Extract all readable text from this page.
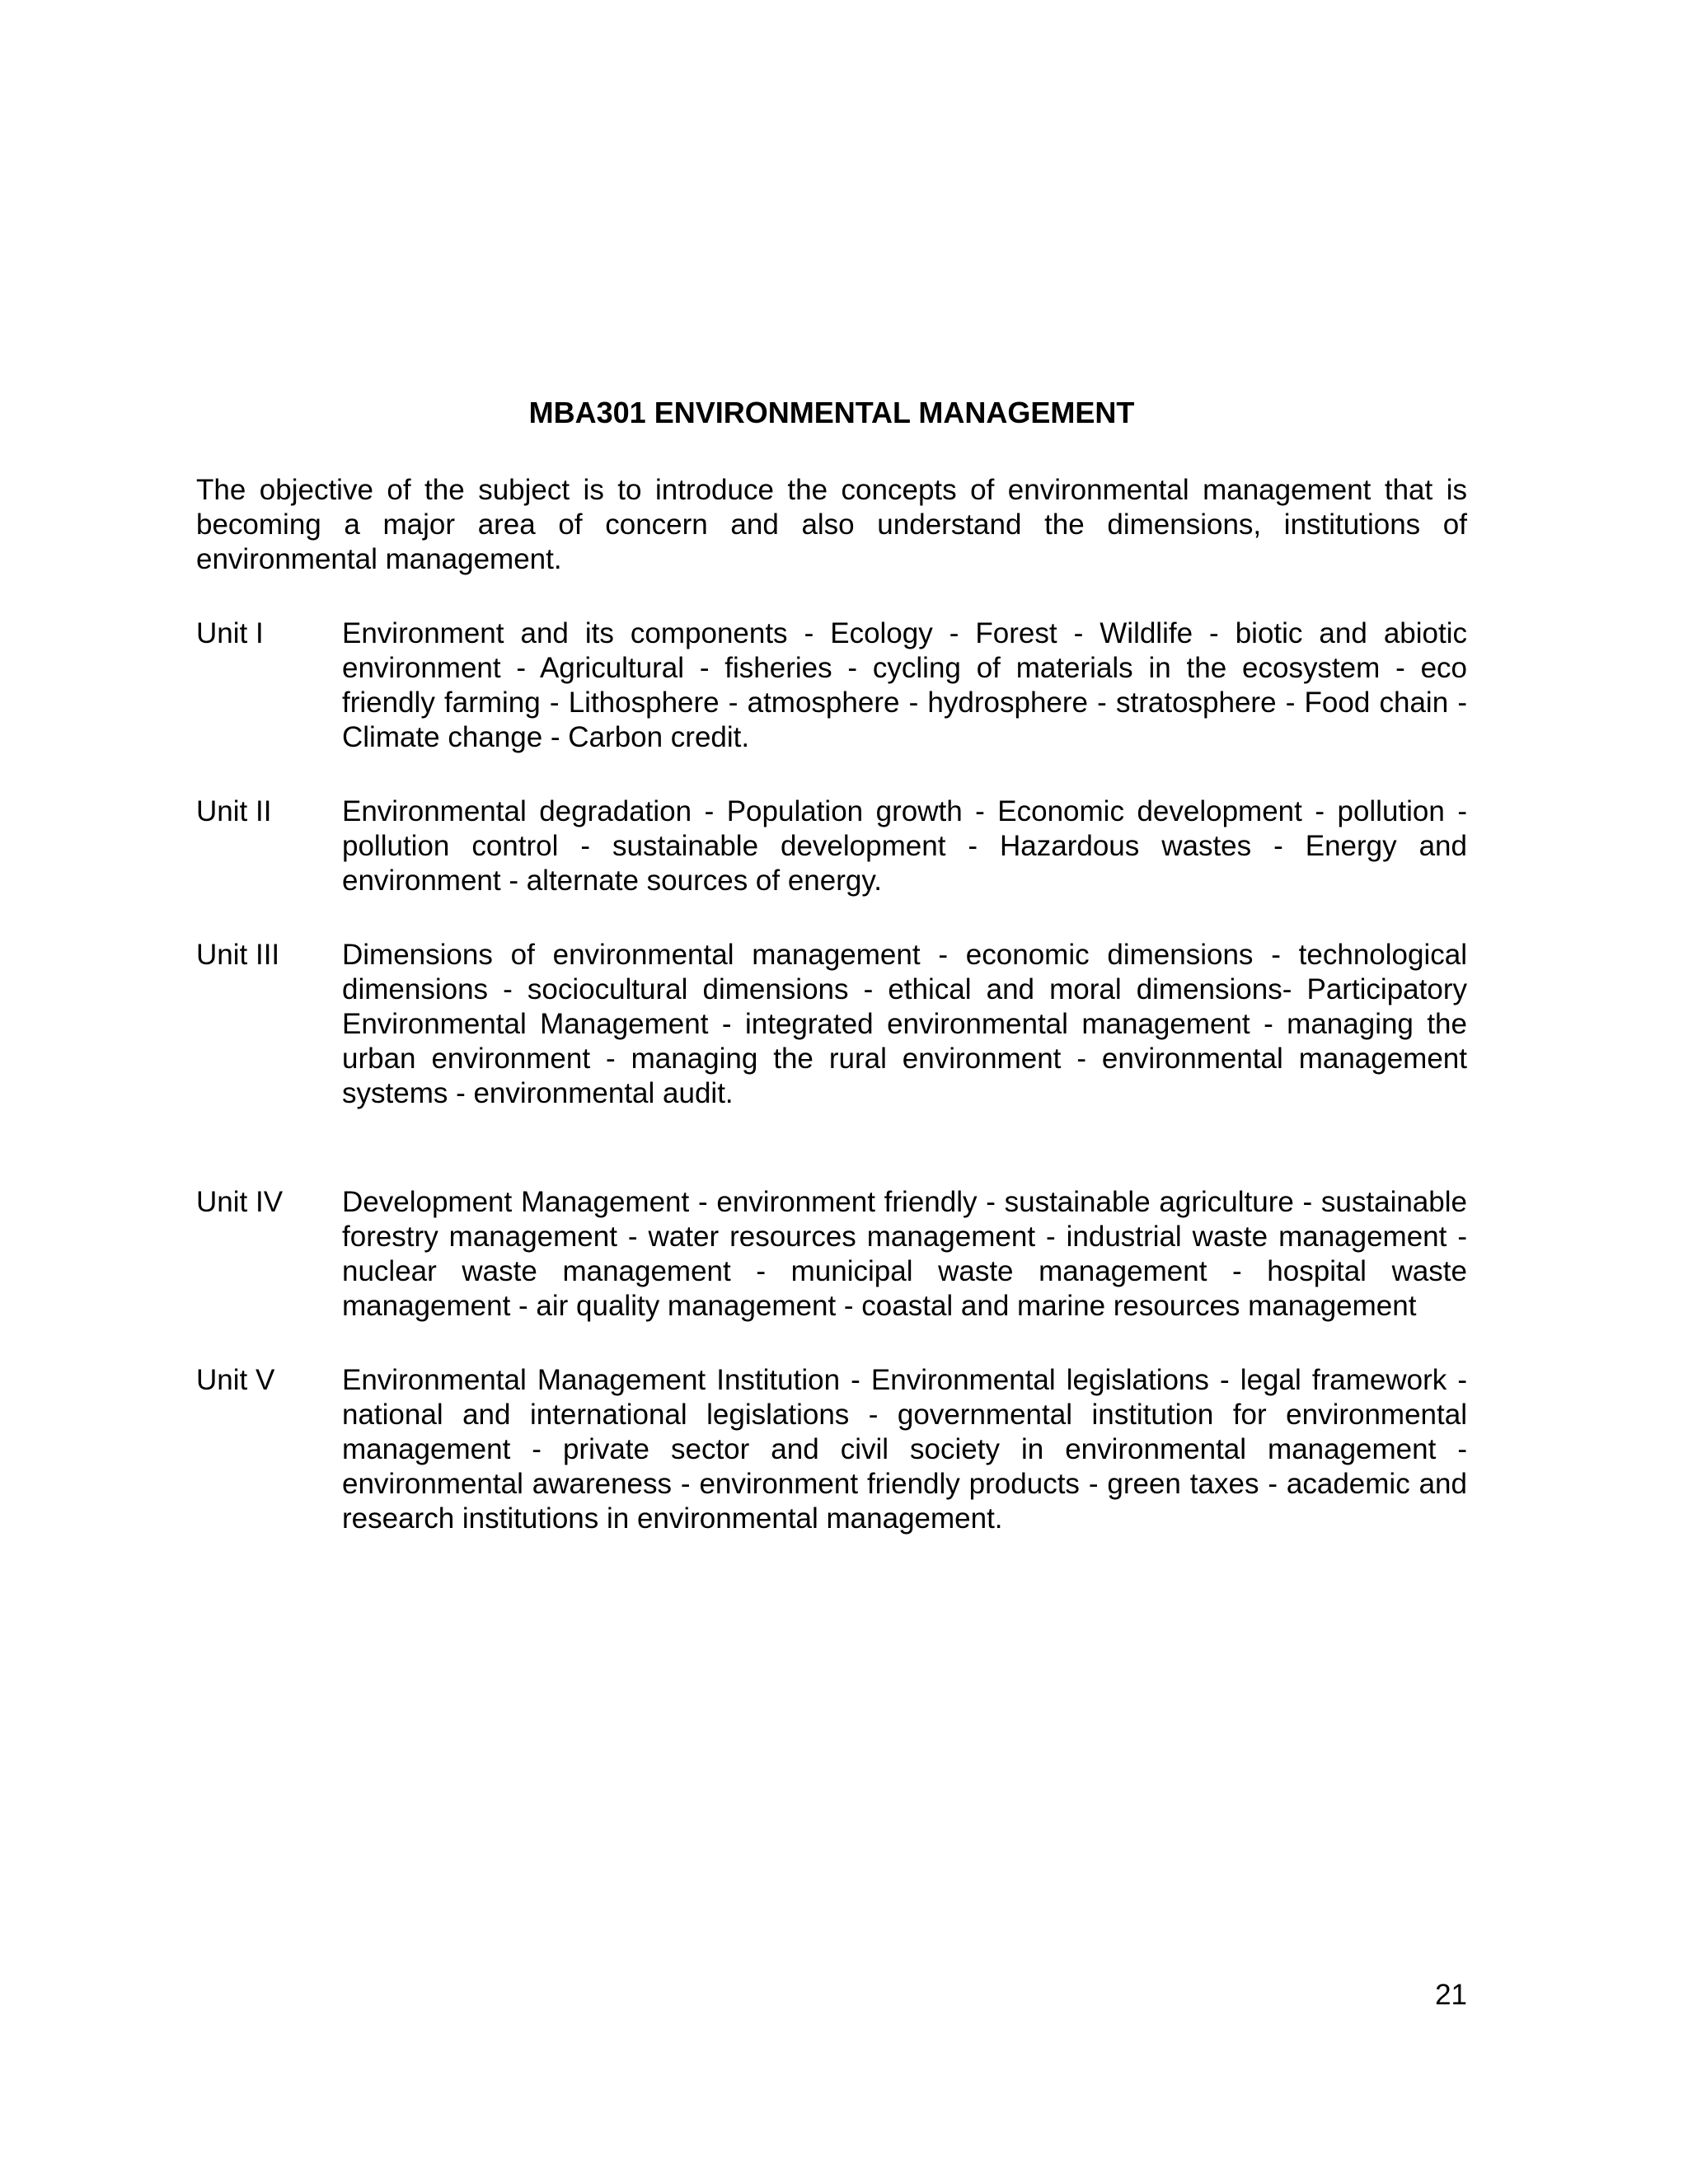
MBA301 ENVIRONMENTAL MANAGEMENT
The objective of the subject is to introduce the concepts of environmental management that is becoming a major area of concern and also understand the dimensions, institutions of environmental management.
Unit I	Environment and its components - Ecology - Forest - Wildlife - biotic and abiotic environment - Agricultural - fisheries - cycling of materials in the ecosystem - eco friendly farming - Lithosphere - atmosphere - hydrosphere - stratosphere - Food chain - Climate change - Carbon credit.
Unit II	Environmental degradation - Population growth - Economic development - pollution - pollution control - sustainable development - Hazardous wastes - Energy and environment - alternate sources of energy.
Unit III	Dimensions of environmental management - economic dimensions - technological dimensions - sociocultural dimensions - ethical and moral dimensions- Participatory Environmental Management - integrated environmental management - managing the urban environment - managing the rural environment - environmental management systems - environmental audit.
Unit IV	Development Management - environment friendly - sustainable agriculture - sustainable forestry management - water resources management - industrial waste management - nuclear waste management - municipal waste management - hospital waste management - air quality management - coastal and marine resources management
Unit V	Environmental Management Institution - Environmental legislations - legal framework - national and international legislations - governmental institution for environmental management - private sector and civil society in environmental management - environmental awareness - environment friendly products - green taxes - academic and research institutions in environmental management.
21
